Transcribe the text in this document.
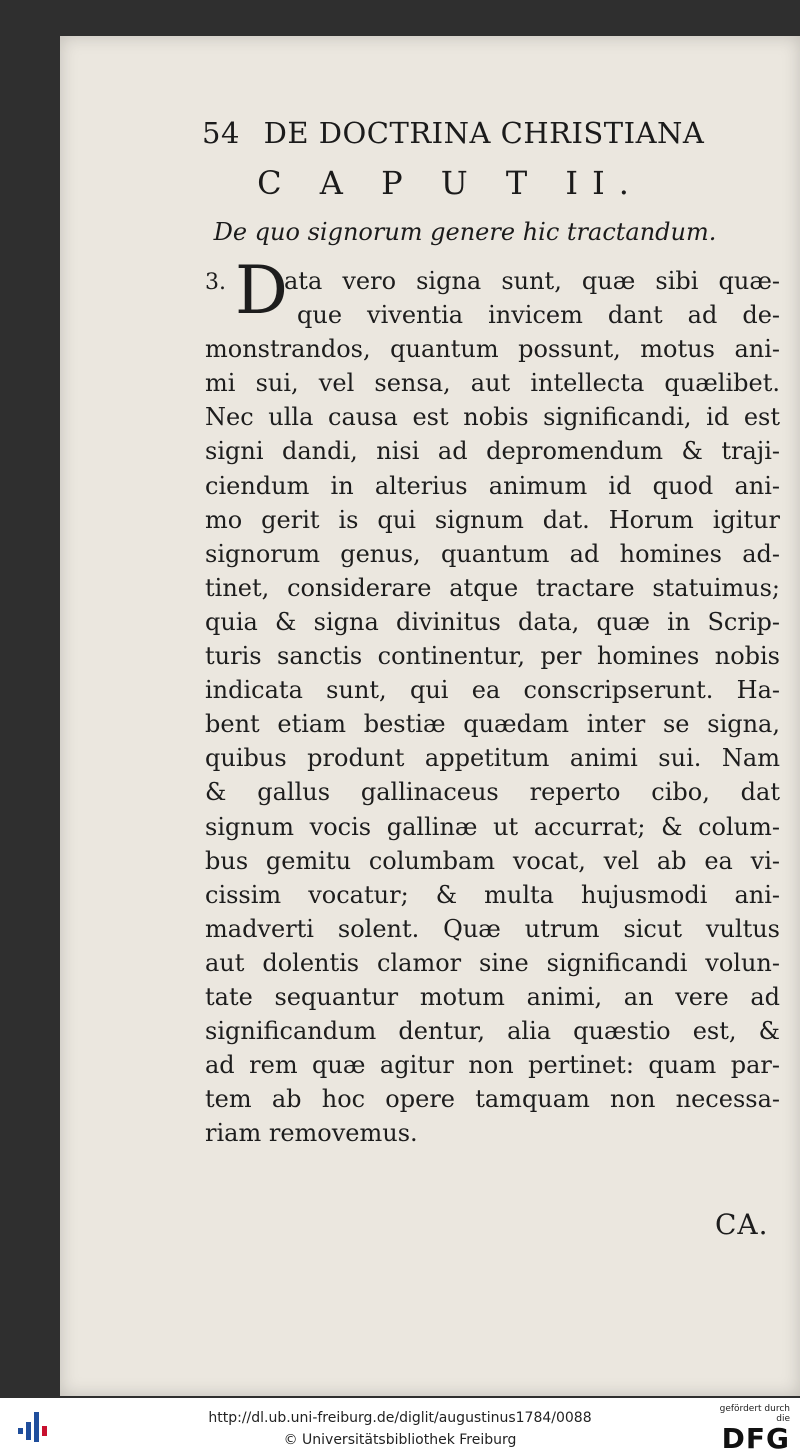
54 DE DOCTRINA CHRISTIANA
C A P U T II.
De quo signorum genere hic tractandum.
D
3. ata vero signa sunt, quæ sibi quæ-
que viventia invicem dant ad de-
monstrandos, quantum possunt, motus ani-
mi sui, vel sensa, aut intellecta quælibet.
Nec ulla causa est nobis significandi, id est
signi dandi, nisi ad depromendum & traji-
ciendum in alterius animum id quod ani-
mo gerit is qui signum dat. Horum igitur
signorum genus, quantum ad homines ad-
tinet, considerare atque tractare statuimus;
quia & signa divinitus data, quæ in Scrip-
turis sanctis continentur, per homines nobis
indicata sunt, qui ea conscripserunt. Ha-
bent etiam bestiæ quædam inter se signa,
quibus produnt appetitum animi sui. Nam
& gallus gallinaceus reperto cibo, dat
signum vocis gallinæ ut accurrat; & colum-
bus gemitu columbam vocat, vel ab ea vi-
cissim vocatur; & multa hujusmodi ani-
madverti solent. Quæ utrum sicut vultus
aut dolentis clamor sine significandi volun-
tate sequantur motum animi, an vere ad
significandum dentur, alia quæstio est, &
ad rem quæ agitur non pertinet: quam par-
tem ab hoc opere tamquam non necessa-
riam removemus.
CA.
http://dl.ub.uni-freiburg.de/diglit/augustinus1784/0088
© Universitätsbibliothek Freiburg
gefördert durch die
DFG
